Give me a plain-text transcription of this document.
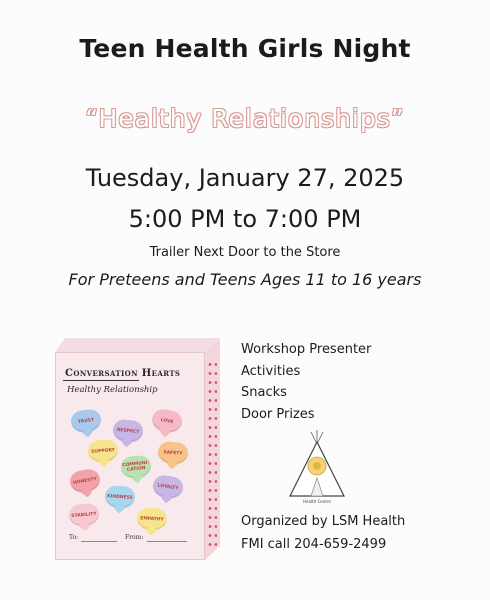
Teen Health Girls Night
“Healthy Relationships”
Tuesday, January 27, 2025
5:00 PM to 7:00 PM
Trailer Next Door to the Store
For Preteens and Teens Ages 11 to 16 years
Conversation Hearts
Healthy Relationship
TRUST
RESPECT
LOVE
SUPPORT	SAFETY
COMMUNI-CATION
HONESTY
KINDNESS
LOYALTY
STABILITY
EMPATHY
To:	From:
Workshop Presenter
Activities
Snacks
Door Prizes
Health Centre
Organized by LSM Health
FMI call 204-659-2499
